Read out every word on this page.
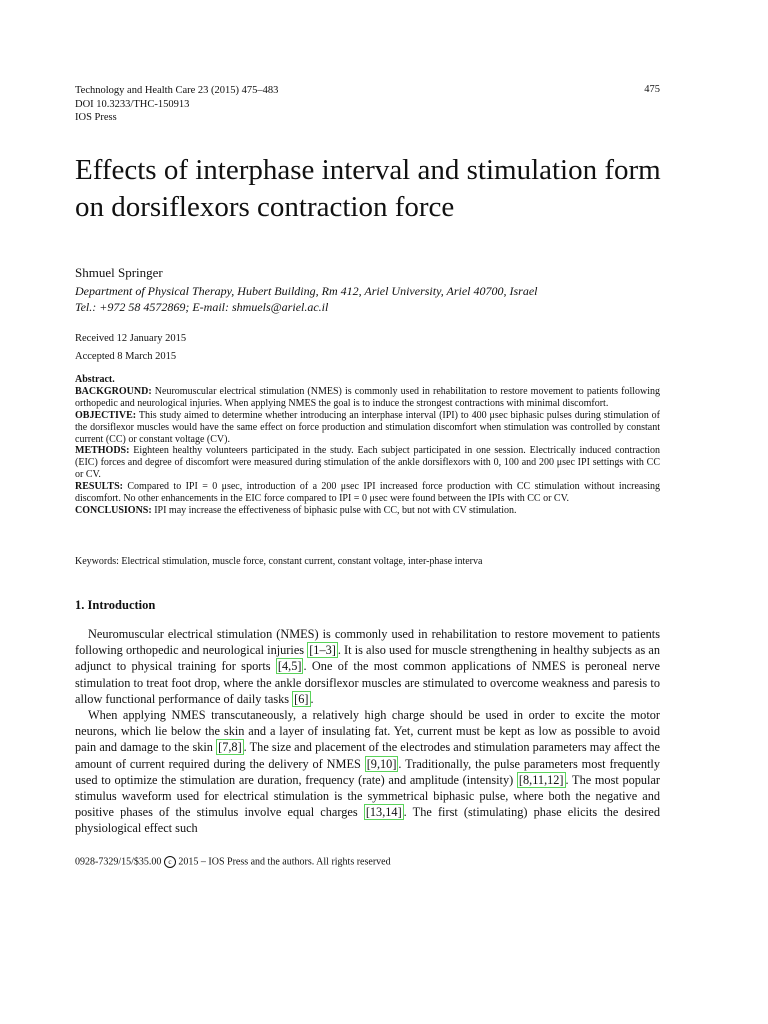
Technology and Health Care 23 (2015) 475–483
DOI 10.3233/THC-150913
IOS Press
475
Effects of interphase interval and stimulation form on dorsiflexors contraction force
Shmuel Springer
Department of Physical Therapy, Hubert Building, Rm 412, Ariel University, Ariel 40700, Israel
Tel.: +972 58 4572869; E-mail: shmuels@ariel.ac.il
Received 12 January 2015
Accepted 8 March 2015
Abstract.
BACKGROUND: Neuromuscular electrical stimulation (NMES) is commonly used in rehabilitation to restore movement to patients following orthopedic and neurological injuries. When applying NMES the goal is to induce the strongest contractions with minimal discomfort.
OBJECTIVE: This study aimed to determine whether introducing an interphase interval (IPI) to 400 μsec biphasic pulses during stimulation of the dorsiflexor muscles would have the same effect on force production and stimulation discomfort when stimulation was controlled by constant current (CC) or constant voltage (CV).
METHODS: Eighteen healthy volunteers participated in the study. Each subject participated in one session. Electrically induced contraction (EIC) forces and degree of discomfort were measured during stimulation of the ankle dorsiflexors with 0, 100 and 200 μsec IPI settings with CC or CV.
RESULTS: Compared to IPI = 0 μsec, introduction of a 200 μsec IPI increased force production with CC stimulation without increasing discomfort. No other enhancements in the EIC force compared to IPI = 0 μsec were found between the IPIs with CC or CV.
CONCLUSIONS: IPI may increase the effectiveness of biphasic pulse with CC, but not with CV stimulation.
Keywords: Electrical stimulation, muscle force, constant current, constant voltage, inter-phase interva
1. Introduction

Neuromuscular electrical stimulation (NMES) is commonly used in rehabilitation to restore movement to patients following orthopedic and neurological injuries [1–3] . It is also used for muscle strengthening in healthy subjects as an adjunct to physical training for sports [4,5] . One of the most common applications of NMES is peroneal nerve stimulation to treat foot drop, where the ankle dorsiflexor muscles are stimulated to overcome weakness and paresis to allow functional performance of daily tasks [6] .

When applying NMES transcutaneously, a relatively high charge should be used in order to excite the motor neurons, which lie below the skin and a layer of insulating fat. Yet, current must be kept as low as possible to avoid pain and damage to the skin [7,8] . The size and placement of the electrodes and stimulation parameters may affect the amount of current required during the delivery of NMES [9,10] . Traditionally, the pulse parameters most frequently used to optimize the stimulation are duration, frequency (rate) and amplitude (intensity) [8,11,12] . The most popular stimulus waveform used for electrical stimulation is the symmetrical biphasic pulse, where both the negative and positive phases of the stimulus involve equal charges [13,14] . The first (stimulating) phase elicits the desired physiological effect such

0928-7329/15/$35.00 c 2015 – IOS Press and the authors. All rights reserved
